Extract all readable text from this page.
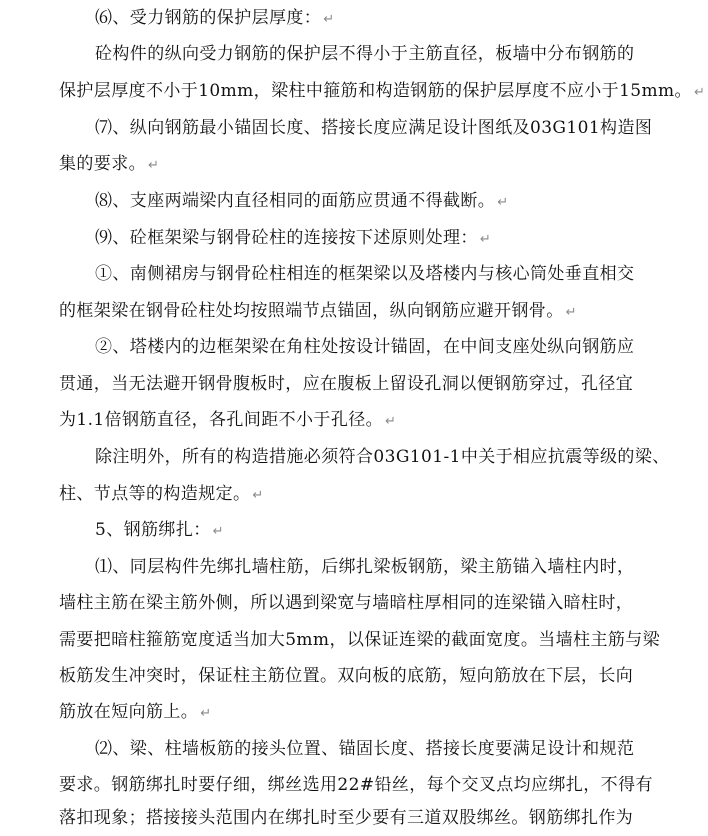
⑹、受力钢筋的保护层厚度： ↵
砼构件的纵向受力钢筋的保护层不得小于主筋直径，板墙中分布钢筋的
保护层厚度不小于10mm，梁柱中箍筋和构造钢筋的保护层厚度不应小于15mm。 ↵
⑺、纵向钢筋最小锚固长度、搭接长度应满足设计图纸及03G101构造图
集的要求。 ↵
⑻、支座两端梁内直径相同的面筋应贯通不得截断。 ↵
⑼、砼框架梁与钢骨砼柱的连接按下述原则处理： ↵
①、南侧裙房与钢骨砼柱相连的框架梁以及塔楼内与核心筒处垂直相交
的框架梁在钢骨砼柱处均按照端节点锚固，纵向钢筋应避开钢骨。 ↵
②、塔楼内的边框架梁在角柱处按设计锚固，在中间支座处纵向钢筋应
贯通，当无法避开钢骨腹板时，应在腹板上留设孔洞以便钢筋穿过，孔径宜
为1.1倍钢筋直径，各孔间距不小于孔径。 ↵
除注明外，所有的构造措施必须符合03G101-1中关于相应抗震等级的梁、
柱、节点等的构造规定。 ↵
5、钢筋绑扎： ↵
⑴、同层构件先绑扎墙柱筋，后绑扎梁板钢筋，梁主筋锚入墙柱内时，
墙柱主筋在梁主筋外侧，所以遇到梁宽与墙暗柱厚相同的连梁锚入暗柱时，
需要把暗柱箍筋宽度适当加大5mm，以保证连梁的截面宽度。当墙柱主筋与梁
板筋发生冲突时，保证柱主筋位置。双向板的底筋，短向筋放在下层，长向
筋放在短向筋上。 ↵
⑵、梁、柱墙板筋的接头位置、锚固长度、搭接长度要满足设计和规范
要求。钢筋绑扎时要仔细，绑丝选用22#铅丝，每个交叉点均应绑扎，不得有
落扣现象；搭接接头范围内在绑扎时至少要有三道双股绑丝。钢筋绑扎作为
